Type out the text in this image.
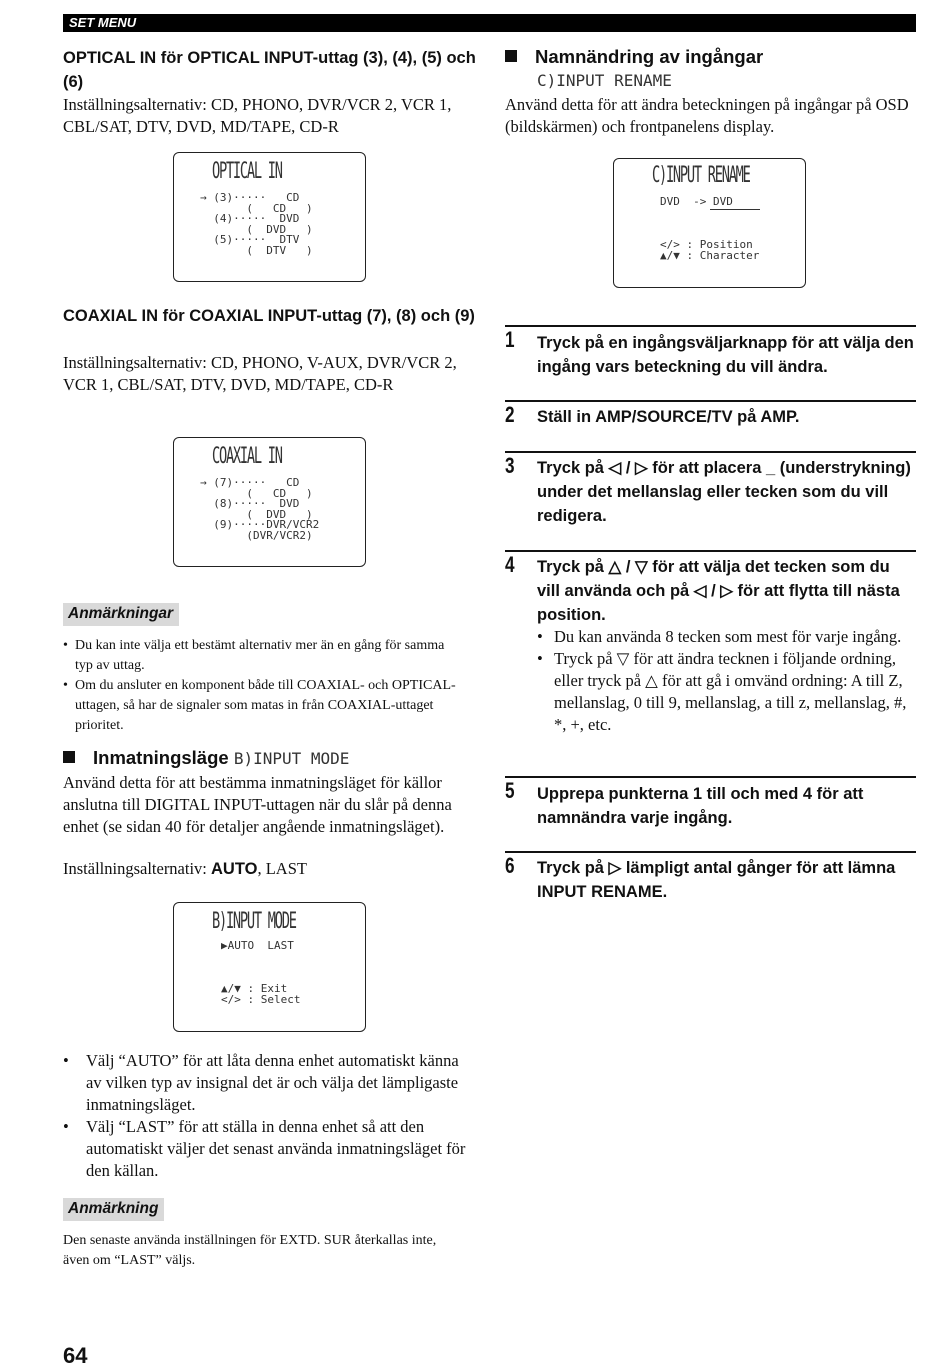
SET MENU
OPTICAL IN för OPTICAL INPUT-uttag (3), (4), (5) och (6)
Inställningsalternativ: CD, PHONO, DVR/VCR 2, VCR 1, CBL/SAT, DTV, DVD, MD/TAPE, CD-R
OPTICAL IN
→ (3)·····   CD
(   CD   )
(4)·····  DVD
(  DVD   )
(5)·····  DTV
(  DTV   )
COAXIAL IN för COAXIAL INPUT-uttag (7), (8) och (9)
Inställningsalternativ: CD, PHONO, V-AUX, DVR/VCR 2, VCR 1, CBL/SAT, DTV, DVD, MD/TAPE, CD-R
COAXIAL IN
→ (7)·····   CD
(   CD   )
(8)·····  DVD
(  DVD   )
(9)·····DVR/VCR2
(DVR/VCR2)
Anmärkningar
• Du kan inte välja ett bestämt alternativ mer än en gång för samma typ av uttag.
• Om du ansluter en komponent både till COAXIAL- och OPTICAL-uttagen, så har de signaler som matas in från COAXIAL-uttaget prioritet.
Inmatningsläge B)INPUT MODE
Använd detta för att bestämma inmatningsläget för källor anslutna till DIGITAL INPUT-uttagen när du slår på denna enhet (se sidan 40 för detaljer angående inmatningsläget).
Inställningsalternativ: AUTO, LAST
B)INPUT MODE
▶AUTO  LAST
▲/▼ : Exit
</> : Select
• Välj “AUTO” för att låta denna enhet automatiskt känna av vilken typ av insignal det är och välja det lämpligaste inmatningsläget.
• Välj “LAST” för att ställa in denna enhet så att den automatiskt väljer det senast använda inmatningsläget för den källan.
Anmärkning
Den senaste använda inställningen för EXTD. SUR återkallas inte, även om “LAST” väljs.
64
Namnändring av ingångar
C)INPUT RENAME
Använd detta för att ändra beteckningen på ingångar på OSD (bildskärmen) och frontpanelens display.
C)INPUT RENAME
DVD  -> DVD
</> : Position
▲/▼ : Character
1 Tryck på en ingångsväljarknapp för att välja den ingång vars beteckning du vill ändra.
2 Ställ in AMP/SOURCE/TV på AMP.
3 Tryck på ◁ / ▷ för att placera _ (understrykning) under det mellanslag eller tecken som du vill redigera.
4 Tryck på △ / ▽ för att välja det tecken som du vill använda och på ◁ / ▷ för att flytta till nästa position.
• Du kan använda 8 tecken som mest för varje ingång.
• Tryck på ▽ för att ändra tecknen i följande ordning, eller tryck på △ för att gå i omvänd ordning: A till Z, mellanslag, 0 till 9, mellanslag, a till z, mellanslag, #, *, +, etc.
5 Upprepa punkterna 1 till och med 4 för att namnändra varje ingång.
6 Tryck på ▷ lämpligt antal gånger för att lämna INPUT RENAME.
